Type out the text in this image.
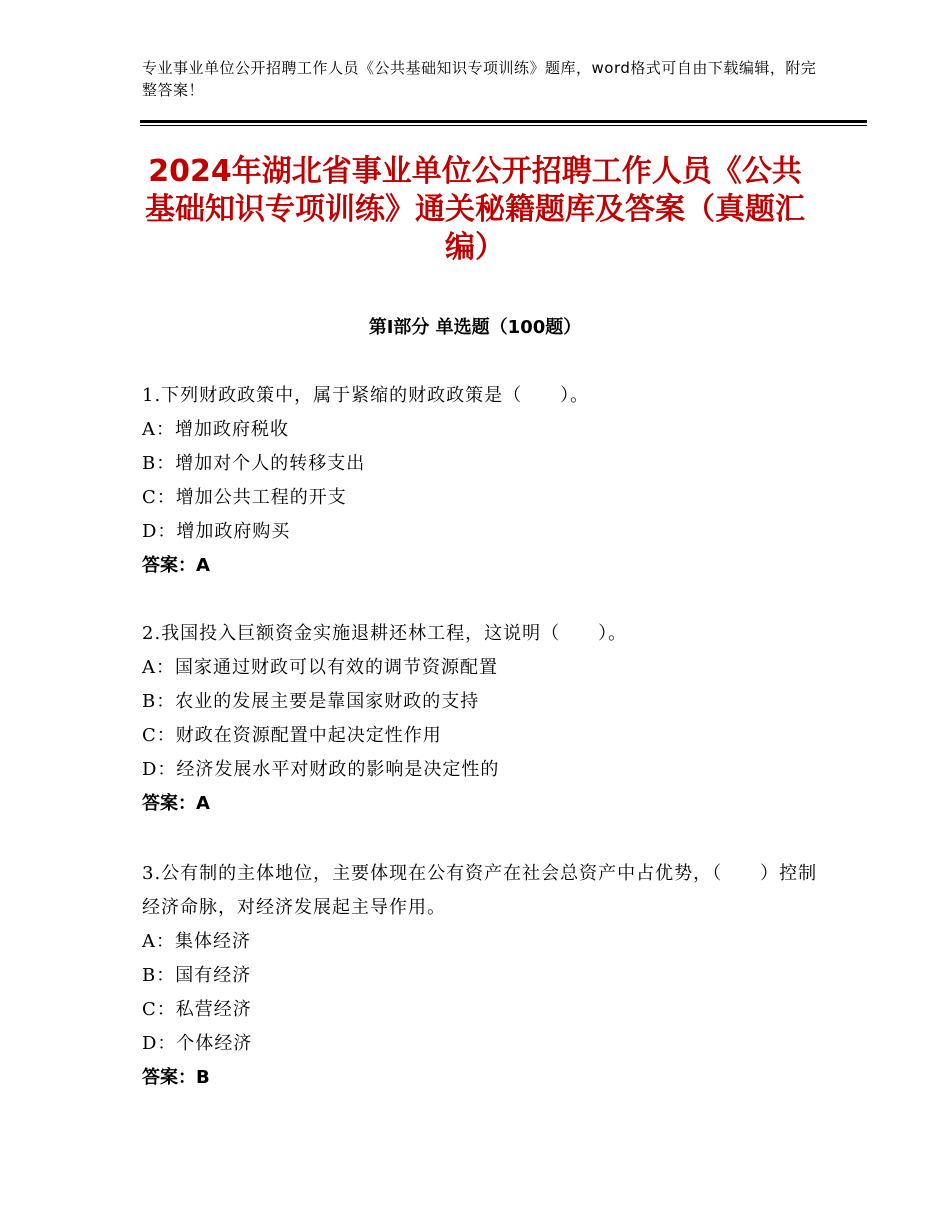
专业事业单位公开招聘工作人员《公共基础知识专项训练》题库，word格式可自由下载编辑，附完整答案！
2024年湖北省事业单位公开招聘工作人员《公共基础知识专项训练》通关秘籍题库及答案（真题汇编）
第Ⅰ部分 单选题（100题）
1.下列财政政策中，属于紧缩的财政政策是（　　）。
A：增加政府税收
B：增加对个人的转移支出
C：增加公共工程的开支
D：增加政府购买
答案：A
2.我国投入巨额资金实施退耕还林工程，这说明（　　）。
A：国家通过财政可以有效的调节资源配置
B：农业的发展主要是靠国家财政的支持
C：财政在资源配置中起决定性作用
D：经济发展水平对财政的影响是决定性的
答案：A
3.公有制的主体地位，主要体现在公有资产在社会总资产中占优势，（　　）控制经济命脉，对经济发展起主导作用。
A：集体经济
B：国有经济
C：私营经济
D：个体经济
答案：B
